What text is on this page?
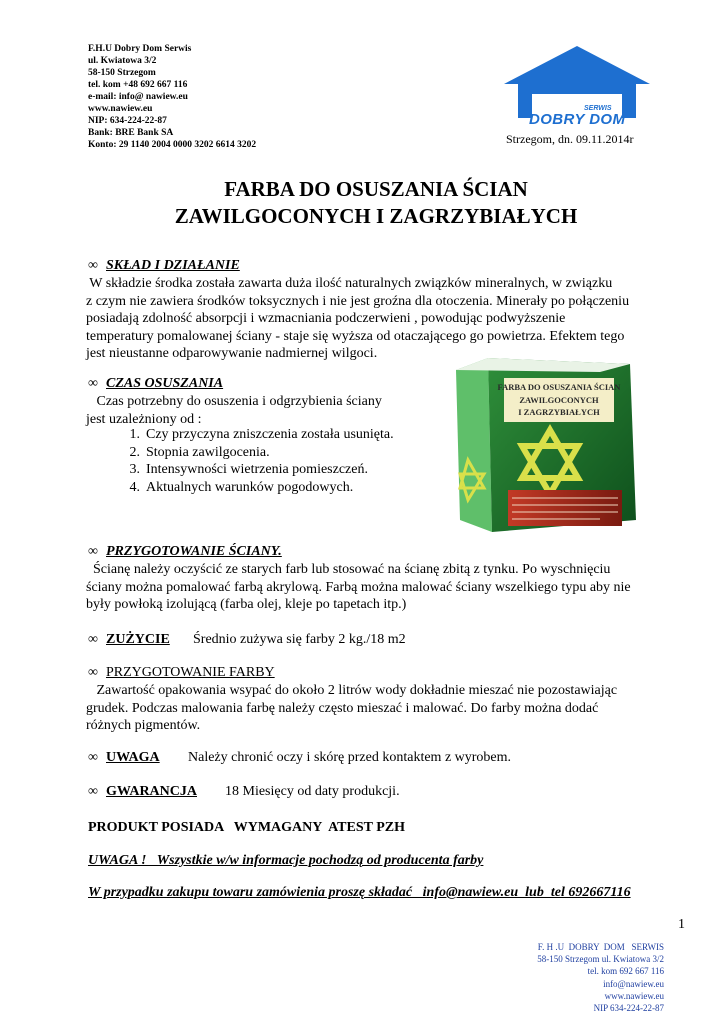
F.H.U Dobry Dom Serwis
ul. Kwiatowa 3/2
58-150 Strzegom
tel. kom +48 692 667 116
e-mail: info@ nawiew.eu
www.nawiew.eu
NIP: 634-224-22-87
Bank: BRE Bank SA
Konto: 29 1140 2004 0000 3202 6614 3202
SERWIS
DOBRY DOM
Strzegom, dn. 09.11.2014r
FARBA DO OSUSZANIA ŚCIAN
ZAWILGOCONYCH I ZAGRZYBIAŁYCH
∞ SKŁAD I DZIAŁANIE
W składzie środka została zawarta duża ilość naturalnych związków mineralnych, w związku
z czym nie zawiera środków toksycznych i nie jest groźna dla otoczenia. Minerały po połączeniu
posiadają zdolność absorpcji i wzmacniania podczerwieni , powodując podwyższenie
temperatury pomalowanej ściany - staje się wyższa od otaczającego go powietrza. Efektem tego
jest nieustanne odparowywanie nadmiernej wilgoci.
∞ CZAS OSUSZANIA
Czas potrzebny do osuszenia i odgrzybienia ściany
jest uzależniony od :
1. Czy przyczyna zniszczenia została usunięta.
2. Stopnia zawilgocenia.
3. Intensywności wietrzenia pomieszczeń.
4. Aktualnych warunków pogodowych.
FARBA DO OSUSZANIA ŚCIAN
ZAWILGOCONYCH
I ZAGRZYBIAŁYCH
∞ PRZYGOTOWANIE ŚCIANY.
Ścianę należy oczyścić ze starych farb lub stosować na ścianę zbitą z tynku. Po wyschnięciu
ściany można pomalować farbą akrylową. Farbą można malować ściany wszelkiego typu aby nie
były powłoką izolującą (farba olej, kleje po tapetach itp.)
∞ ZUŻYCIE Średnio zużywa się farby 2 kg./18 m2
∞ PRZYGOTOWANIE FARBY
Zawartość opakowania wsypać do około 2 litrów wody dokładnie mieszać nie pozostawiając
grudek. Podczas malowania farbę należy często mieszać i malować. Do farby można dodać
różnych pigmentów.
∞ UWAGA Należy chronić oczy i skórę przed kontaktem z wyrobem.
∞ GWARANCJA 18 Miesięcy od daty produkcji.
PRODUKT POSIADA   WYMAGANY  ATEST PZH
UWAGA !   Wszystkie w/w informacje pochodzą od producenta farby
W przypadku zakupu towaru zamówienia proszę składać   info@nawiew.eu  lub  tel 692667116
1
F. H .U  DOBRY  DOM   SERWIS
58-150 Strzegom ul. Kwiatowa 3/2
tel. kom 692 667 116
info@nawiew.eu
www.nawiew.eu
NIP 634-224-22-87
